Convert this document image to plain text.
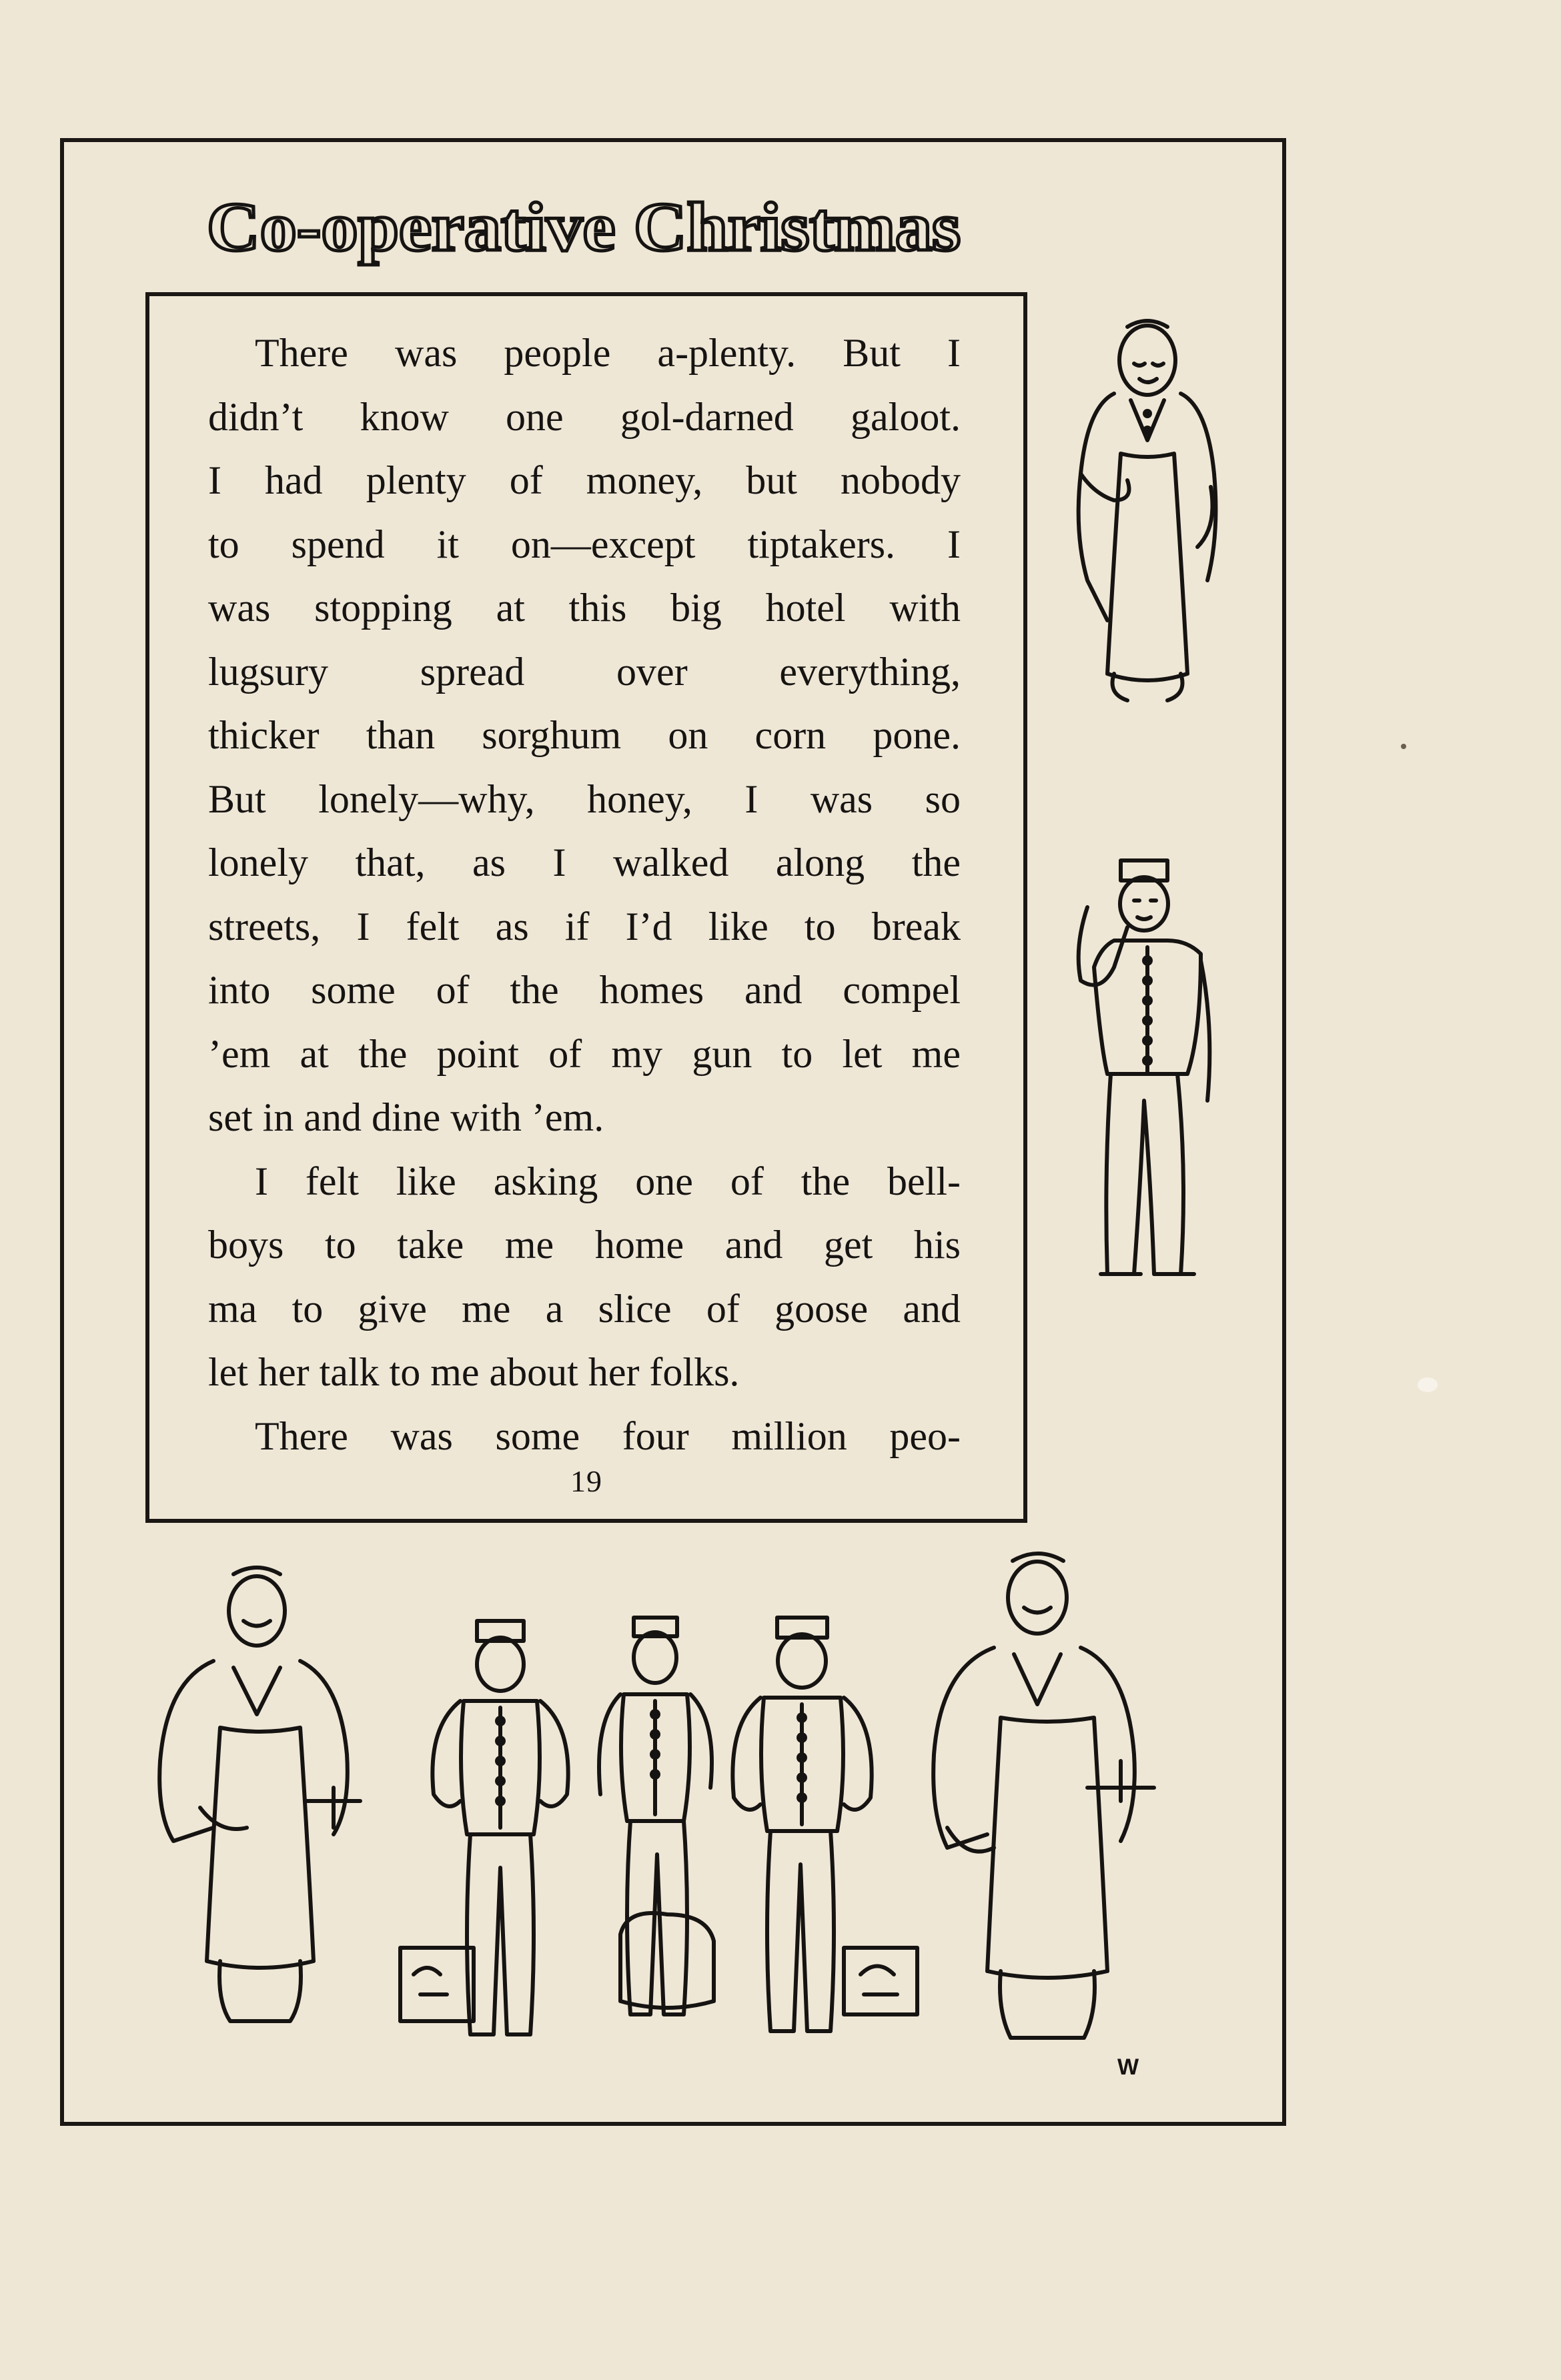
Co-operative Christmas
There was people a-plenty. But I
didn’t know one gol-darned galoot.
I had plenty of money, but nobody
to spend it on—except tiptakers. I
was stopping at this big hotel with
lugsury spread over everything,
thicker than sorghum on corn pone.
But lonely—why, honey, I was so
lonely that, as I walked along the
streets, I felt as if I’d like to break
into some of the homes and compel
’em at the point of my gun to let me
set in and dine with ’em.
I felt like asking one of the bell-
boys to take me home and get his
ma to give me a slice of goose and
let her talk to me about her folks.
There was some four million peo-
19
W
